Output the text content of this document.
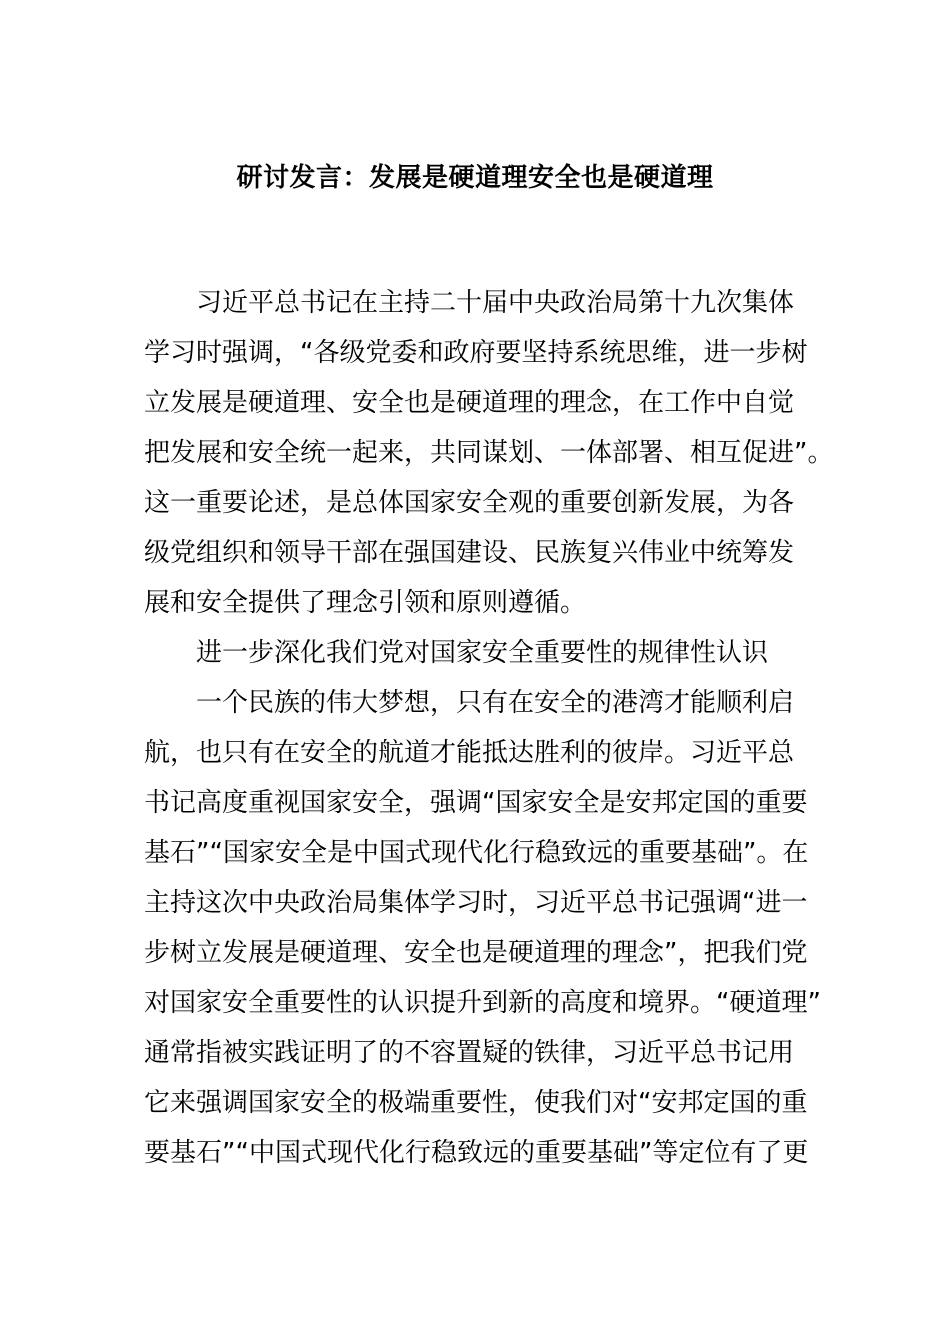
研讨发言：发展是硬道理安全也是硬道理
习近平总书记在主持二十届中央政治局第十九次集体
学习时强调，“各级党委和政府要坚持系统思维，进一步树
立发展是硬道理、安全也是硬道理的理念，在工作中自觉
把发展和安全统一起来，共同谋划、一体部署、相互促进”。
这一重要论述，是总体国家安全观的重要创新发展，为各
级党组织和领导干部在强国建设、民族复兴伟业中统筹发
展和安全提供了理念引领和原则遵循。
进一步深化我们党对国家安全重要性的规律性认识
一个民族的伟大梦想，只有在安全的港湾才能顺利启
航，也只有在安全的航道才能抵达胜利的彼岸。习近平总
书记高度重视国家安全，强调“国家安全是安邦定国的重要
基石”“国家安全是中国式现代化行稳致远的重要基础”。在
主持这次中央政治局集体学习时，习近平总书记强调“进一
步树立发展是硬道理、安全也是硬道理的理念”，把我们党
对国家安全重要性的认识提升到新的高度和境界。“硬道理”
通常指被实践证明了的不容置疑的铁律，习近平总书记用
它来强调国家安全的极端重要性，使我们对“安邦定国的重
要基石”“中国式现代化行稳致远的重要基础”等定位有了更
